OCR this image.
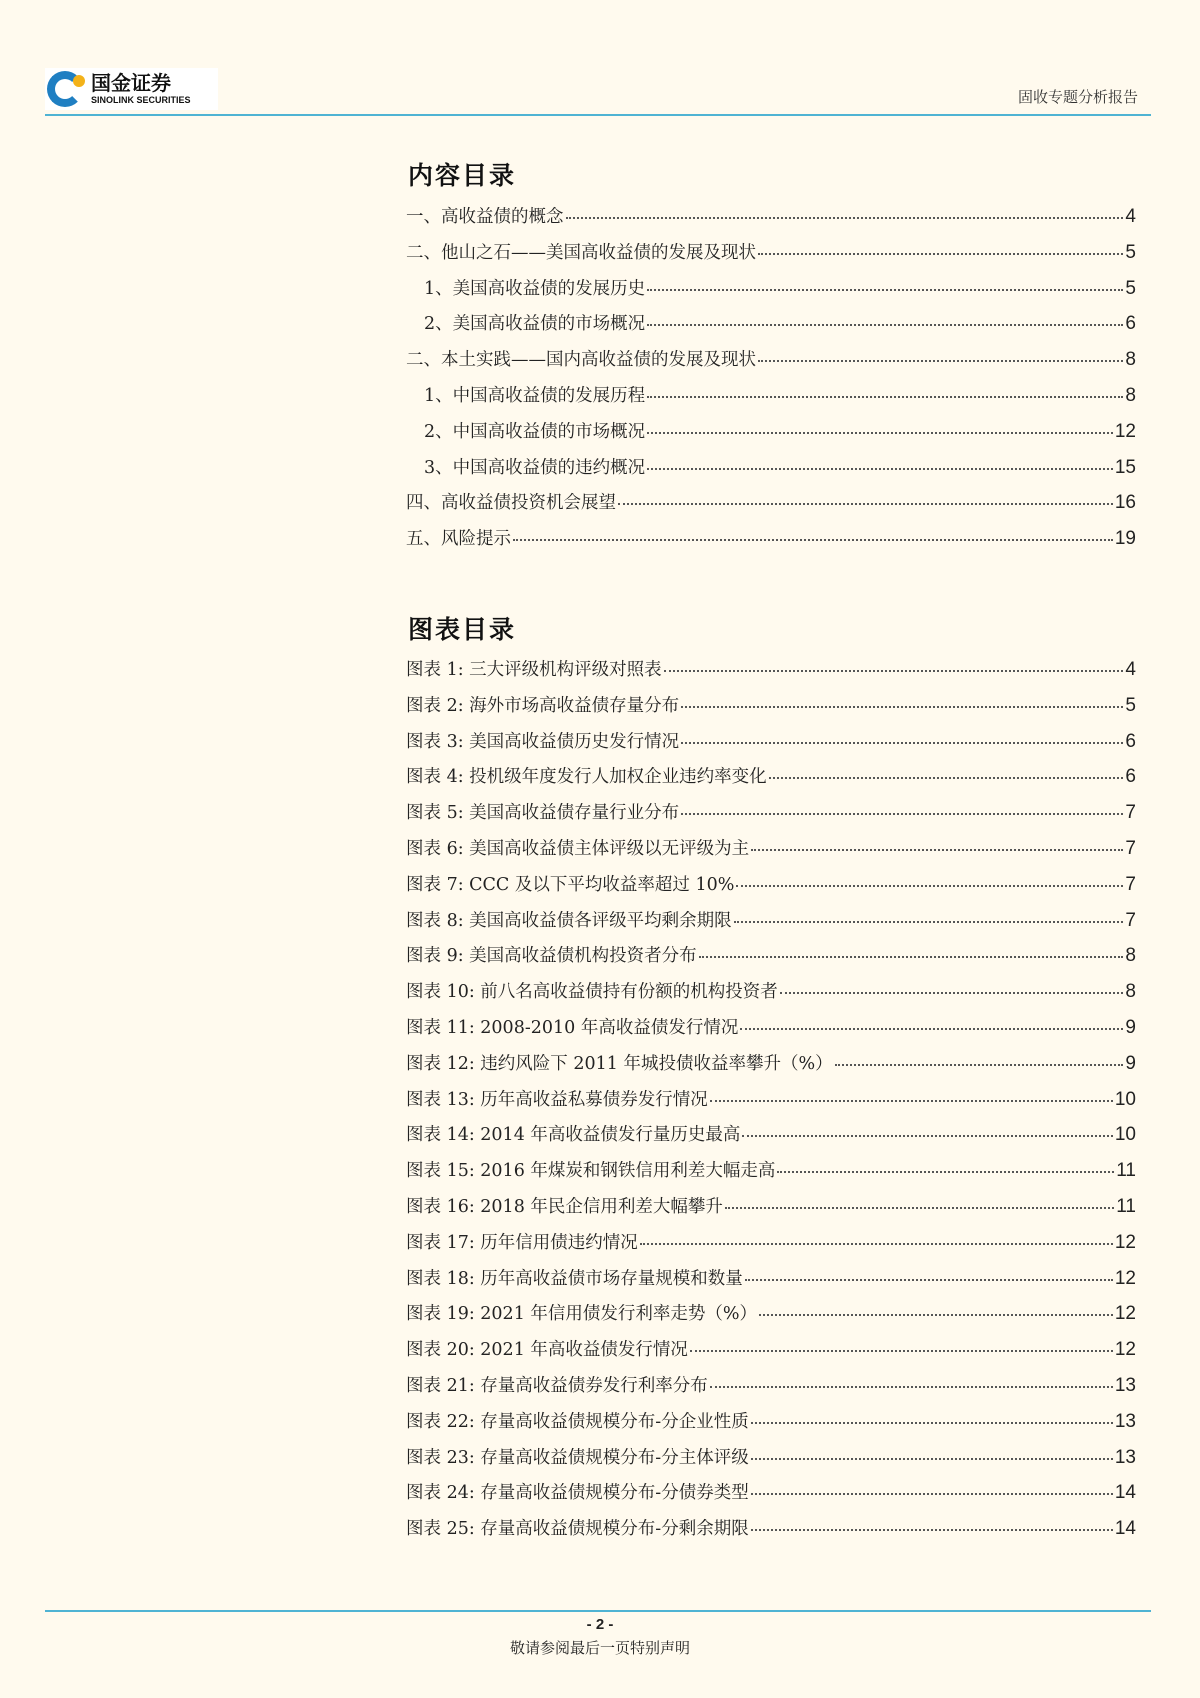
国金证券
SINOLINK SECURITIES	固收专题分析报告
内容目录
一、高收益债的概念	4
二、他山之石——美国高收益债的发展及现状	5
1、美国高收益债的发展历史	5
2、美国高收益债的市场概况	6
二、本土实践——国内高收益债的发展及现状	8
1、中国高收益债的发展历程	8
2、中国高收益债的市场概况	12
3、中国高收益债的违约概况	15
四、高收益债投资机会展望	16
五、风险提示	19
图表目录
图表 1: 三大评级机构评级对照表	4
图表 2: 海外市场高收益债存量分布	5
图表 3: 美国高收益债历史发行情况	6
图表 4: 投机级年度发行人加权企业违约率变化	6
图表 5: 美国高收益债存量行业分布	7
图表 6: 美国高收益债主体评级以无评级为主	7
图表 7: CCC 及以下平均收益率超过 10%	7
图表 8: 美国高收益债各评级平均剩余期限	7
图表 9: 美国高收益债机构投资者分布	8
图表 10: 前八名高收益债持有份额的机构投资者	8
图表 11: 2008-2010 年高收益债发行情况	9
图表 12: 违约风险下 2011 年城投债收益率攀升（%）	9
图表 13: 历年高收益私募债券发行情况	10
图表 14: 2014 年高收益债发行量历史最高	10
图表 15: 2016 年煤炭和钢铁信用利差大幅走高	11
图表 16: 2018 年民企信用利差大幅攀升	11
图表 17: 历年信用债违约情况	12
图表 18: 历年高收益债市场存量规模和数量	12
图表 19: 2021 年信用债发行利率走势（%）	12
图表 20: 2021 年高收益债发行情况	12
图表 21: 存量高收益债券发行利率分布	13
图表 22: 存量高收益债规模分布-分企业性质	13
图表 23: 存量高收益债规模分布-分主体评级	13
图表 24: 存量高收益债规模分布-分债券类型	14
图表 25: 存量高收益债规模分布-分剩余期限	14
- 2 -
敬请参阅最后一页特别声明
